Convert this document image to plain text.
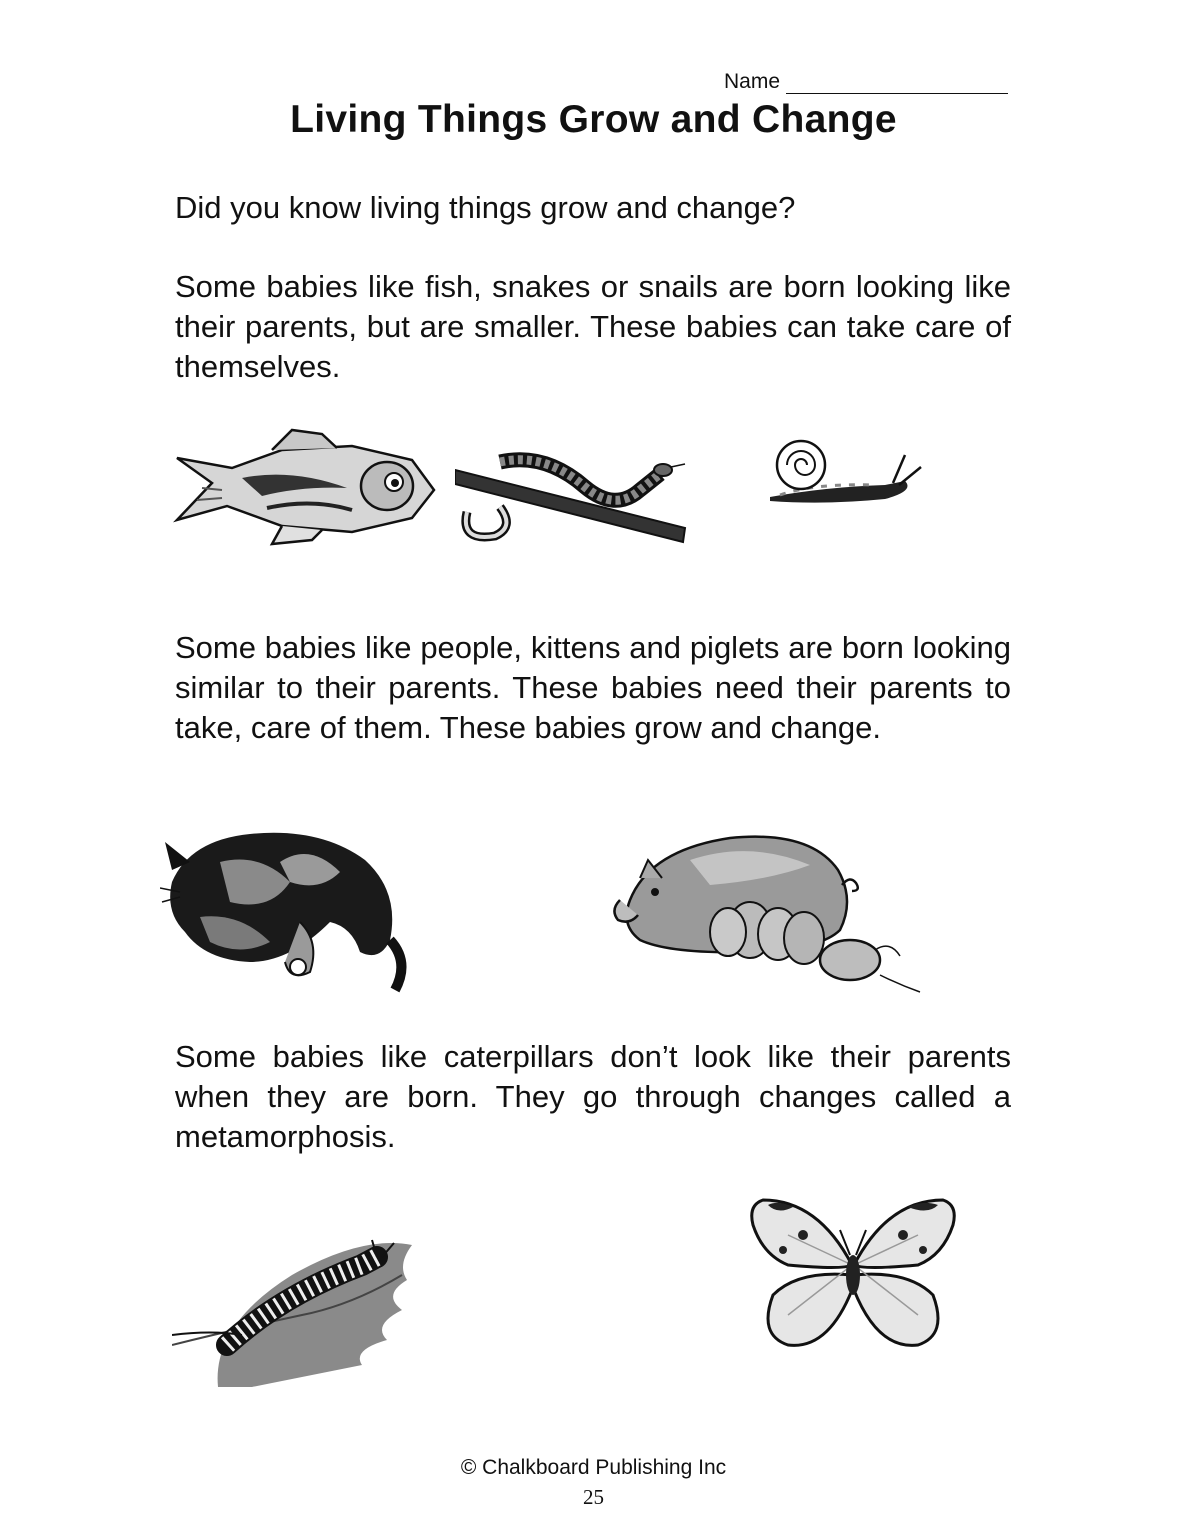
Name
Living Things Grow and Change

Did you know living things grow and change?

Some babies like fish, snakes or snails are born looking like their parents, but are smaller. These babies can take care of themselves.

Some babies like people, kittens and piglets are born looking similar to their parents. These babies need their parents to take, care of them. These babies grow and change.

Some babies like caterpillars don’t look like their parents when they are born. They go through changes called a metamorphosis.

© Chalkboard Publishing Inc
25
